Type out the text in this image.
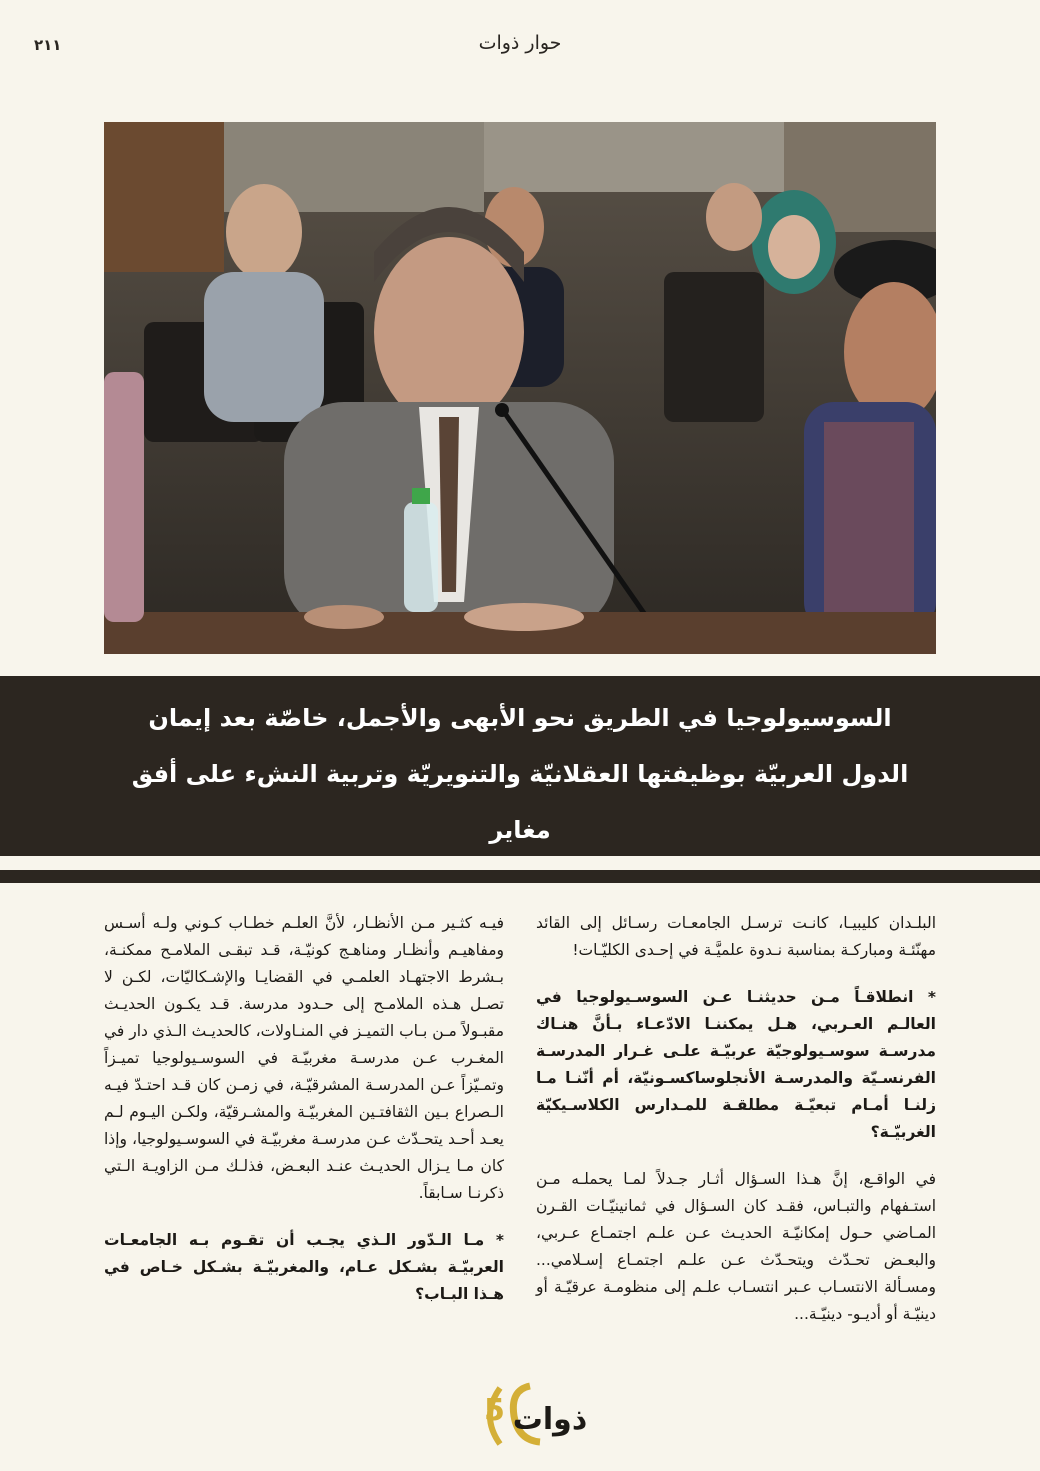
حوار ذوات
٢١١
السوسيولوجيا في الطريق نحو الأبهى والأجمل، خاصّة بعد إيمان الدول العربيّة بوظيفتها العقلانيّة والتنويريّة وتربية النشء على أفق مغاير

البلـدان كليبيـا، كانـت ترسـل الجامعـات رسـائل إلى القائد مهنّئـة ومباركـة بمناسبة نـدوة علميَّـة في إحـدى الكليّـات!

* انطلاقـاً مـن حديثنـا عـن السوسـيولوجيا في العالـم العـربي، هـل يمكننـا الادّعـاء بـأنَّ هنـاك مدرسـة سوسـيولوجيّة عربيّـة علـى غـرار المدرسـة الفرنسـيّة والمدرسـة الأنجلوساكسـونيّة، أم أنّنـا مـا زلنـا أمـام تبعيّـة مطلقـة للمـدارس الكلاسـيكيّة الغربيّـة؟

في الواقـع، إنَّ هـذا السـؤال أثـار جـدلاً لمـا يحملـه مـن استـفهام والتبـاس، فقـد كان السـؤال في ثمانينيّـات القـرن المـاضي حـول إمكانيّـة الحديـث عـن علـم اجتمـاع عـربي، والبعـض تحـدّث ويتحـدّث عـن علـم اجتمـاع إسـلامي... ومسـألة الانتسـاب عـبر انتسـاب علـم إلى منظومـة عرقيّـة أو دينيّـة أو أديـو- دينيّـة...

فيـه كثـير مـن الأنظـار، لأنَّ العلـم خطـاب كـوني ولـه أسـس ومفاهيـم وأنظـار ومناهـج كونيّـة، قـد تبقـى الملامـح ممكنـة، بـشرط الاجتهـاد العلمـي في القضايـا والإشـكاليّات، لكـن لا تصـل هـذه الملامـح إلى حـدود مدرسة. قـد يكـون الحديـث مقبـولاً مـن بـاب التميـز في المنـاولات، كالحديـث الـذي دار في المغـرب عـن مدرسـة مغربيّـة في السوسـيولوجيا تميـزاً وتمـيّزاً عـن المدرسـة المشرقيّـة، في زمـن كان قـد احتـدّ فيـه الـصراع بـين الثقافتـين المغربيّـة والمشـرقيّة، ولكـن اليـوم لـم يعـد أحـد يتحـدّث عـن مدرسـة مغربيّـة في السوسـيولوجيا، وإذا كان مـا يـزال الحديـث عنـد البعـض، فذلـك مـن الزاويـة الـتي ذكرنـا سـابقاً.

* مـا الـدّور الـذي يجـب أن تقـوم بـه الجامعـات العربيّـة بشـكل عـام، والمغربيّـة بشـكل خـاص في هـذا البـاب؟

5 ذوات
